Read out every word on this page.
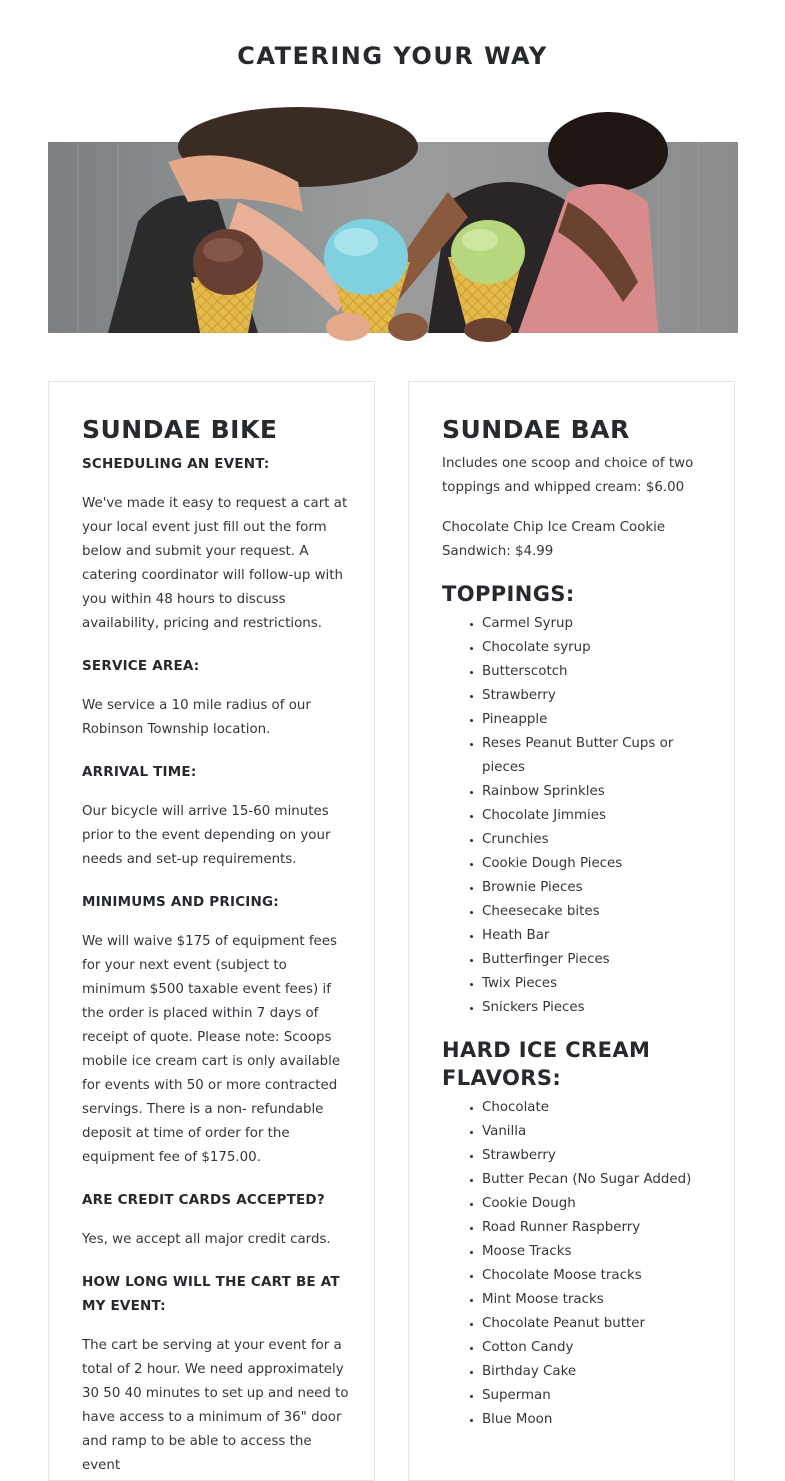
CATERING YOUR WAY
SUNDAE BIKE
SCHEDULING AN EVENT:

We've made it easy to request a cart at your local event just fill out the form below and submit your request. A catering coordinator will follow-up with you within 48 hours to discuss availability, pricing and restrictions.

SERVICE AREA:

We service a 10 mile radius of our Robinson Township location.

ARRIVAL TIME:

Our bicycle will arrive 15-60 minutes prior to the event depending on your needs and set-up requirements.

MINIMUMS AND PRICING:

We will waive $175 of equipment fees for your next event (subject to minimum $500 taxable event fees) if the order is placed within 7 days of receipt of quote. Please note: Scoops mobile ice cream cart is only available for events with 50 or more contracted servings. There is a non- refundable deposit at time of order for the equipment fee of $175.00.

ARE CREDIT CARDS ACCEPTED?

Yes, we accept all major credit cards.

HOW LONG WILL THE CART BE AT MY EVENT:

The cart be serving at your event for a total of 2 hour. We need approximately 30 50 40 minutes to set up and need to have access to a minimum of 36" door and ramp to be able to access the event

SUNDAE BAR

Includes one scoop and choice of two toppings and whipped cream: $6.00

Chocolate Chip Ice Cream Cookie Sandwich: $4.99

TOPPINGS:
• Carmel Syrup
• Chocolate syrup
• Butterscotch
• Strawberry
• Pineapple
• Reses Peanut Butter Cups or pieces
• Rainbow Sprinkles
• Chocolate Jimmies
• Crunchies
• Cookie Dough Pieces
• Brownie Pieces
• Cheesecake bites
• Heath Bar
• Butterfinger Pieces
• Twix Pieces
• Snickers Pieces
HARD ICE CREAM FLAVORS:
• Chocolate
• Vanilla
• Strawberry
• Butter Pecan (No Sugar Added)
• Cookie Dough
• Road Runner Raspberry
• Moose Tracks
• Chocolate Moose tracks
• Mint Moose tracks
• Chocolate Peanut butter
• Cotton Candy
• Birthday Cake
• Superman
• Blue Moon
